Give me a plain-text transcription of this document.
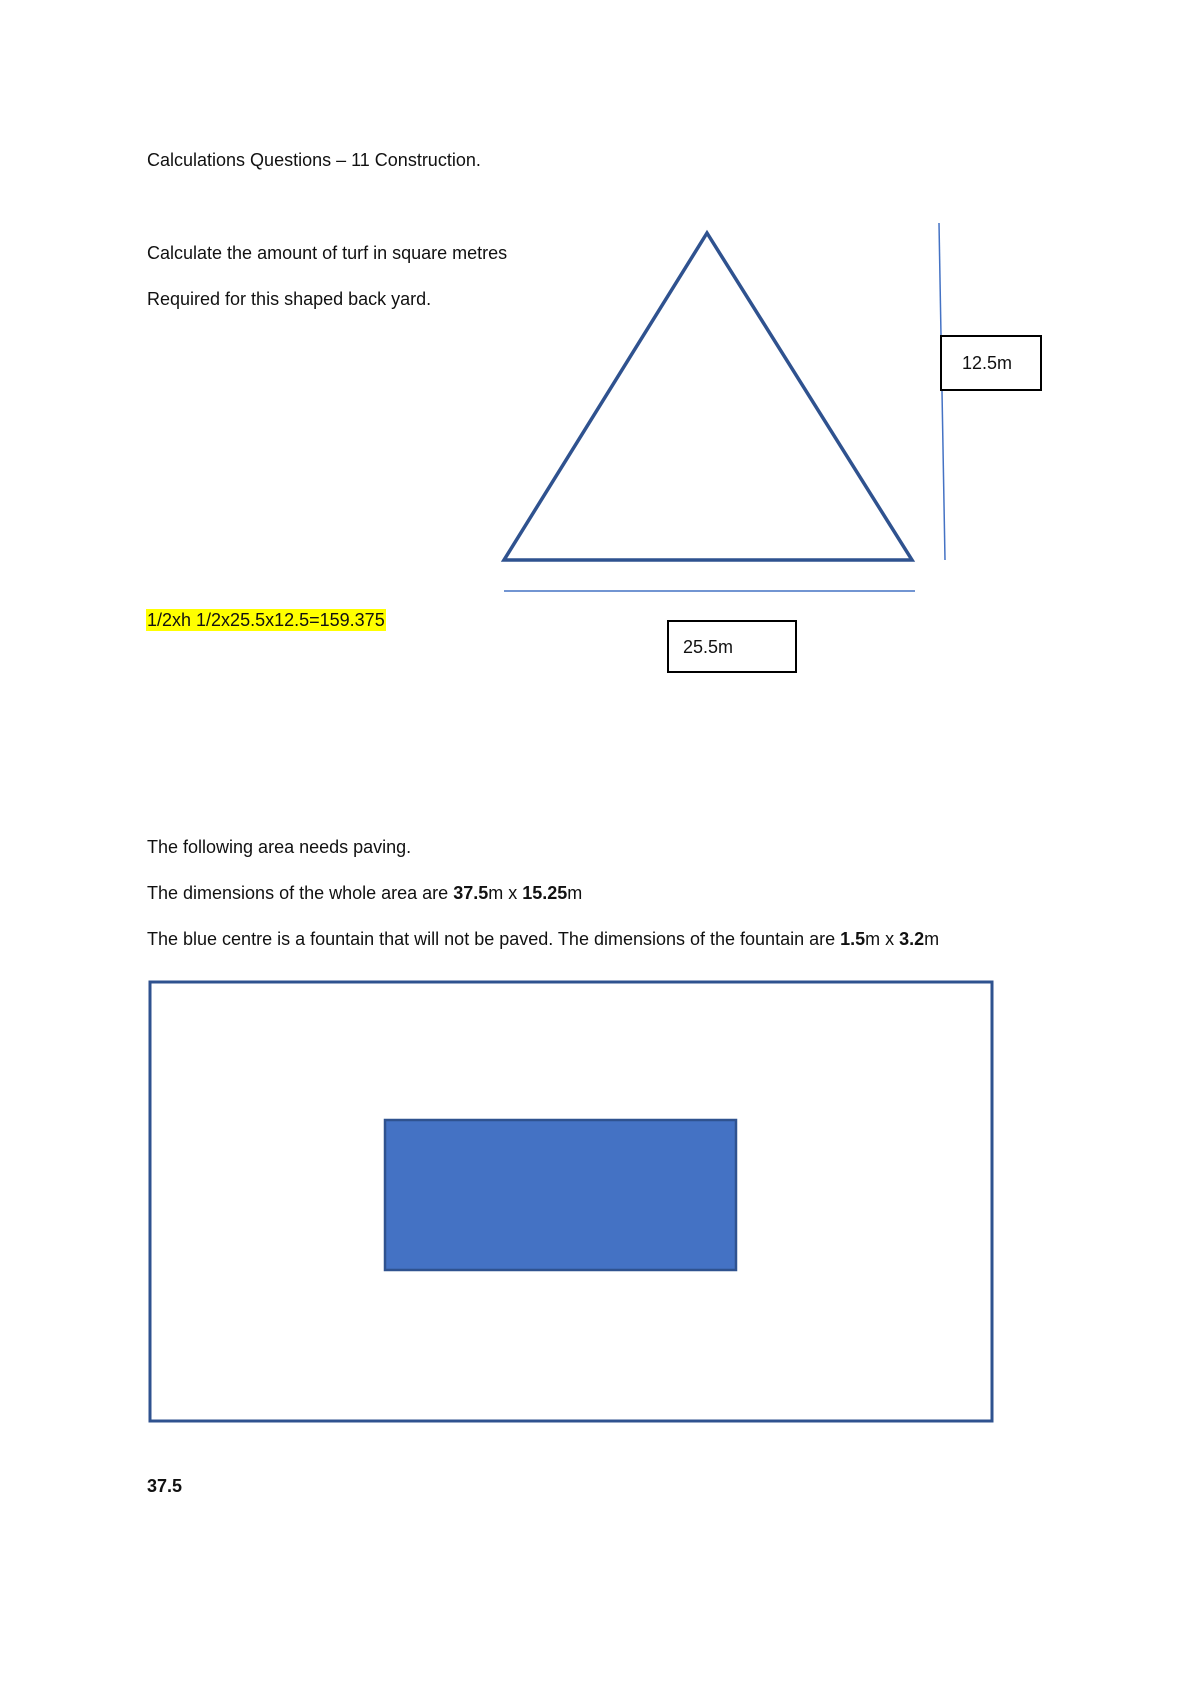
Calculations Questions – 11 Construction.

Calculate the amount of turf in square metres

Required for this shaped back yard.

12.5m
25.5m

1/2xh 1/2x25.5x12.5=159.375

The following area needs paving.

The dimensions of the whole area are 37.5m x 15.25m

The blue centre is a fountain that will not be paved. The dimensions of the fountain are 1.5m x 3.2m

37.5
